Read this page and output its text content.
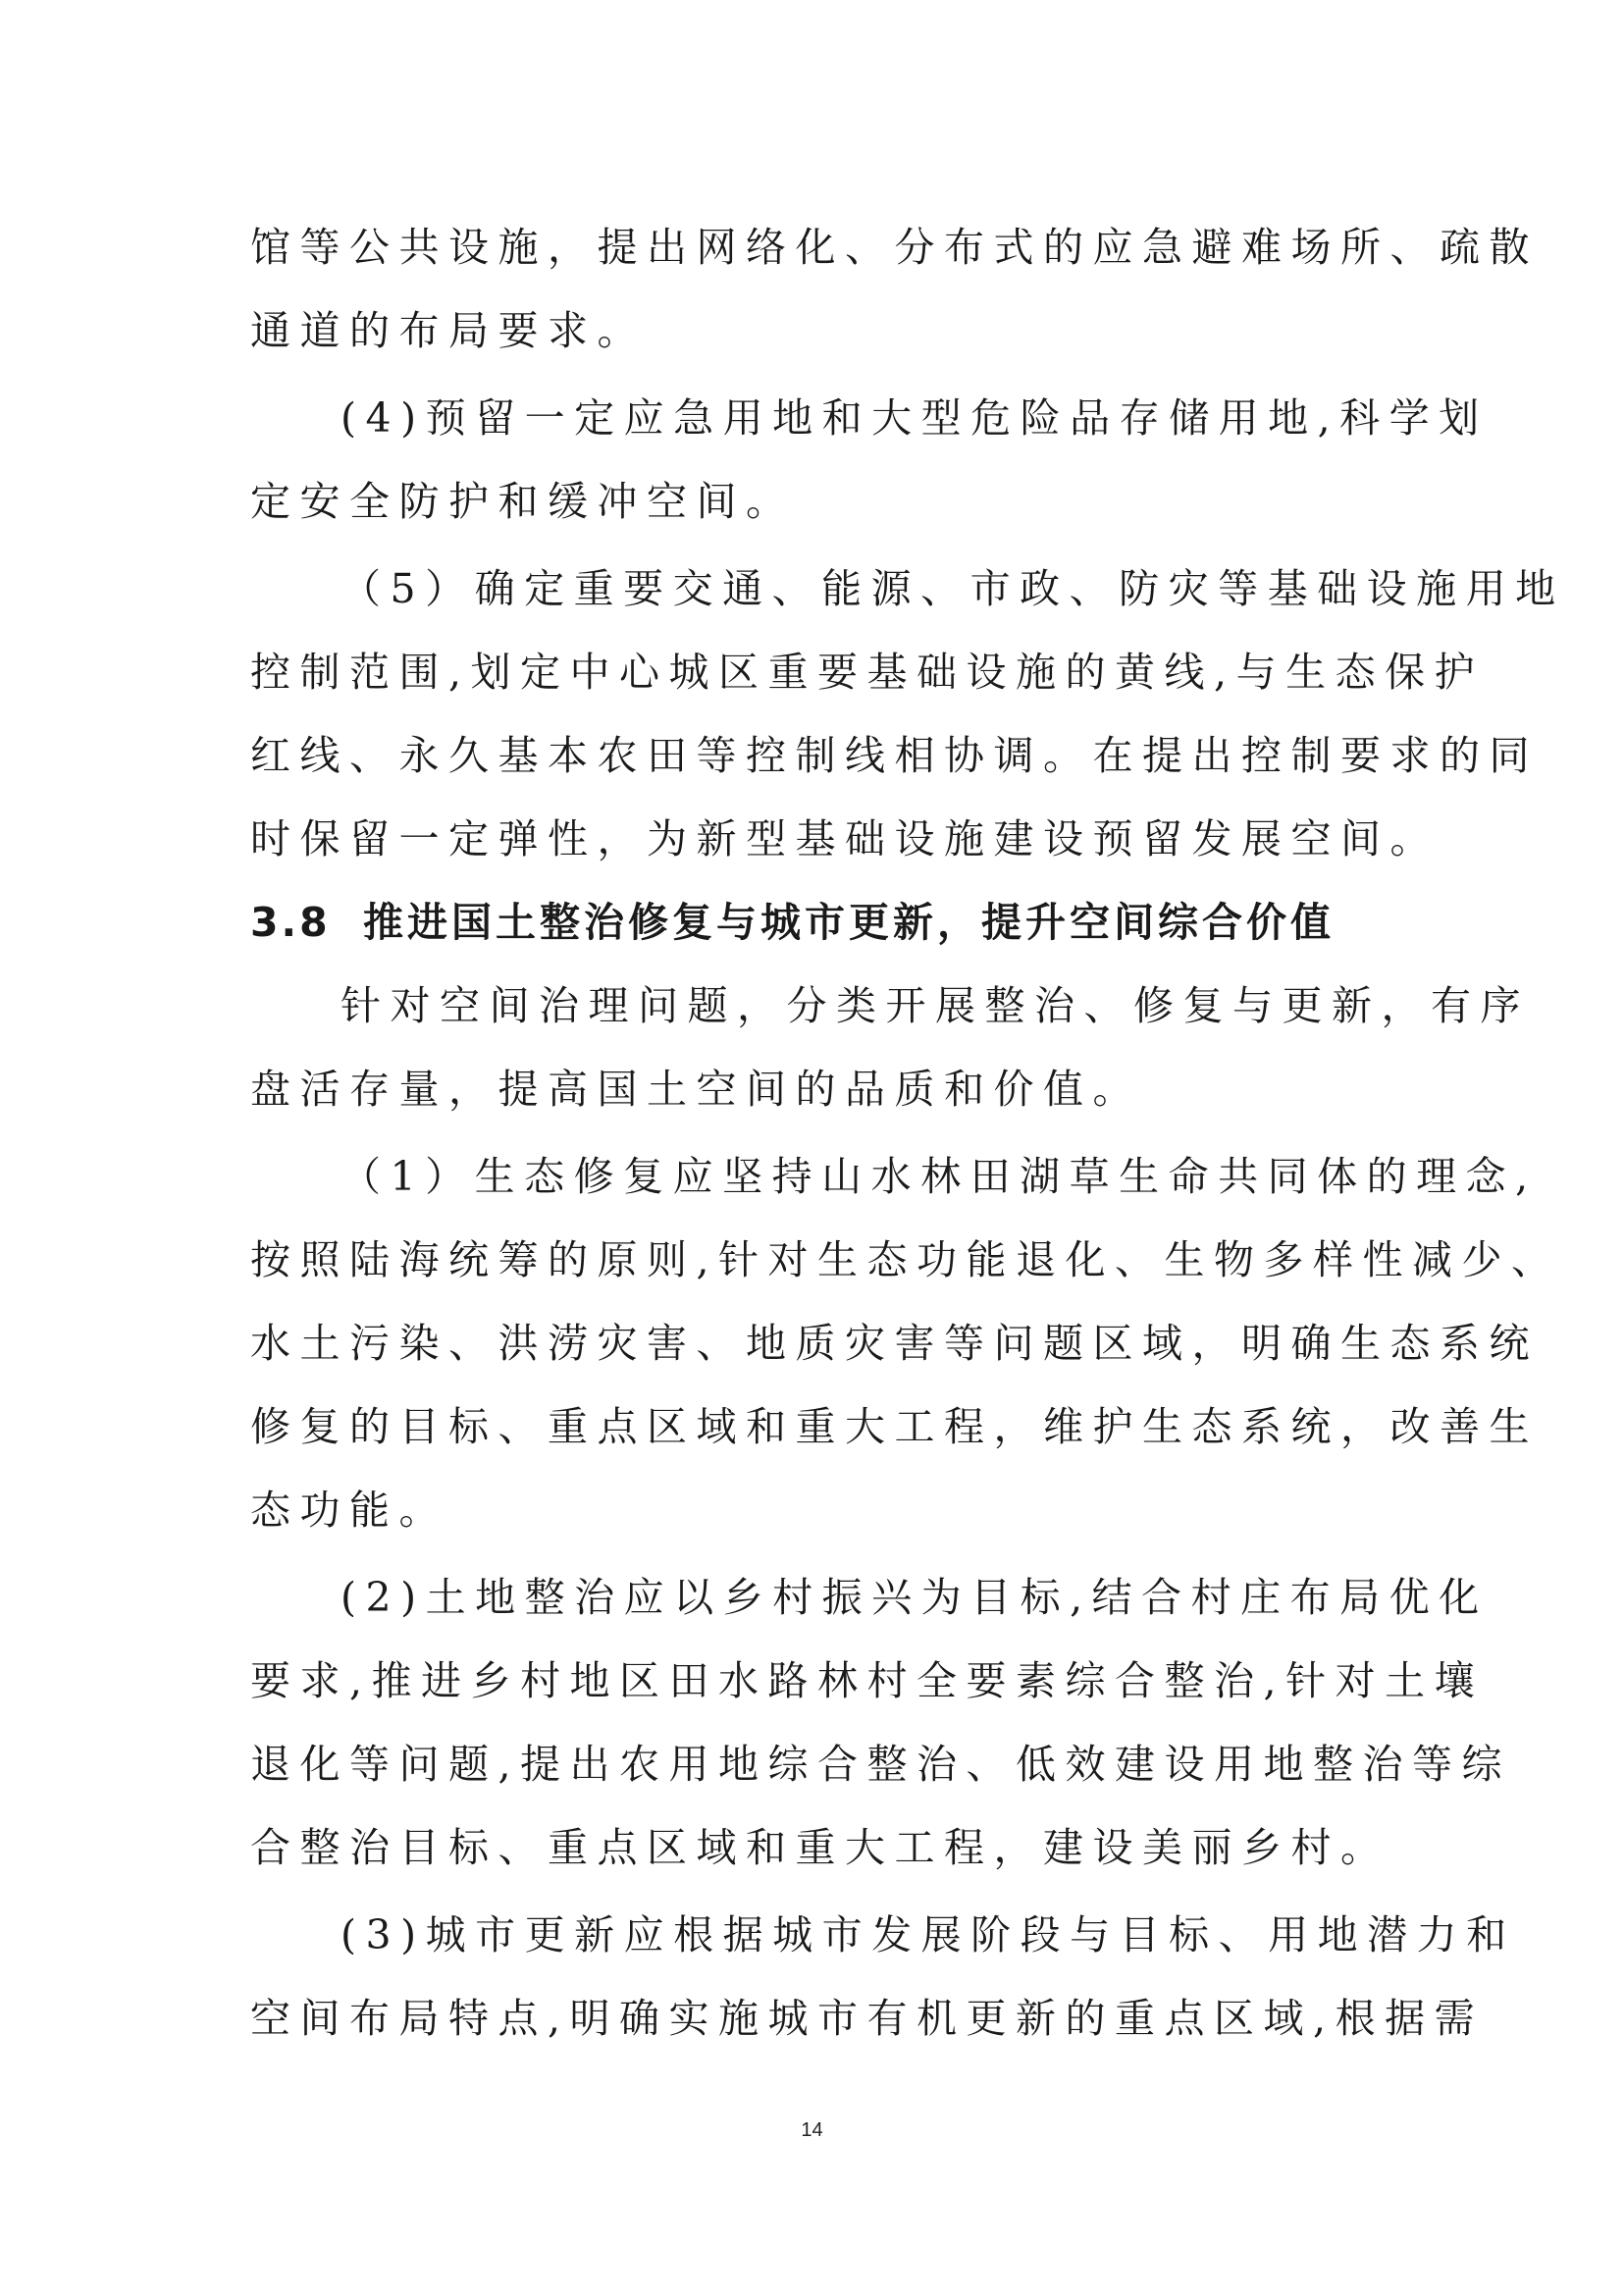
馆等公共设施，提出网络化、分布式的应急避难场所、疏散
通道的布局要求。
(4)预留一定应急用地和大型危险品存储用地,科学划
定安全防护和缓冲空间。
（5）确定重要交通、能源、市政、防灾等基础设施用地
控制范围,划定中心城区重要基础设施的黄线,与生态保护
红线、永久基本农田等控制线相协调。在提出控制要求的同
时保留一定弹性，为新型基础设施建设预留发展空间。
3.8 推进国土整治修复与城市更新，提升空间综合价值
针对空间治理问题，分类开展整治、修复与更新，有序
盘活存量，提高国土空间的品质和价值。
（1）生态修复应坚持山水林田湖草生命共同体的理念,
按照陆海统筹的原则,针对生态功能退化、生物多样性减少、
水土污染、洪涝灾害、地质灾害等问题区域，明确生态系统
修复的目标、重点区域和重大工程，维护生态系统，改善生
态功能。
(2)土地整治应以乡村振兴为目标,结合村庄布局优化
要求,推进乡村地区田水路林村全要素综合整治,针对土壤
退化等问题,提出农用地综合整治、低效建设用地整治等综
合整治目标、重点区域和重大工程，建设美丽乡村。
(3)城市更新应根据城市发展阶段与目标、用地潜力和
空间布局特点,明确实施城市有机更新的重点区域,根据需
14
